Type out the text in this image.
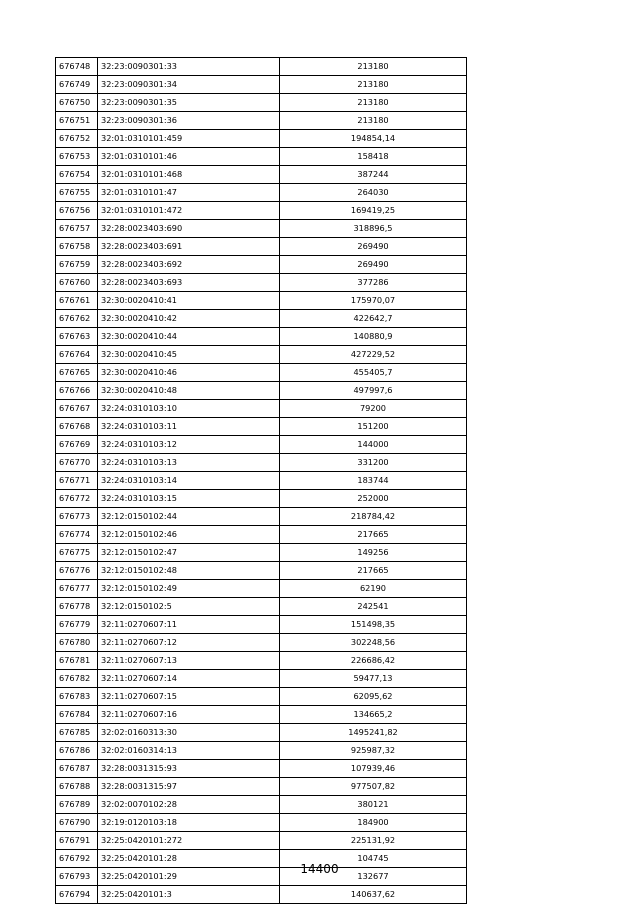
676748	32:23:0090301:33	213180
676749	32:23:0090301:34	213180
676750	32:23:0090301:35	213180
676751	32:23:0090301:36	213180
676752	32:01:0310101:459	194854,14
676753	32:01:0310101:46	158418
676754	32:01:0310101:468	387244
676755	32:01:0310101:47	264030
676756	32:01:0310101:472	169419,25
676757	32:28:0023403:690	318896,5
676758	32:28:0023403:691	269490
676759	32:28:0023403:692	269490
676760	32:28:0023403:693	377286
676761	32:30:0020410:41	175970,07
676762	32:30:0020410:42	422642,7
676763	32:30:0020410:44	140880,9
676764	32:30:0020410:45	427229,52
676765	32:30:0020410:46	455405,7
676766	32:30:0020410:48	497997,6
676767	32:24:0310103:10	79200
676768	32:24:0310103:11	151200
676769	32:24:0310103:12	144000
676770	32:24:0310103:13	331200
676771	32:24:0310103:14	183744
676772	32:24:0310103:15	252000
676773	32:12:0150102:44	218784,42
676774	32:12:0150102:46	217665
676775	32:12:0150102:47	149256
676776	32:12:0150102:48	217665
676777	32:12:0150102:49	62190
676778	32:12:0150102:5	242541
676779	32:11:0270607:11	151498,35
676780	32:11:0270607:12	302248,56
676781	32:11:0270607:13	226686,42
676782	32:11:0270607:14	59477,13
676783	32:11:0270607:15	62095,62
676784	32:11:0270607:16	134665,2
676785	32:02:0160313:30	1495241,82
676786	32:02:0160314:13	925987,32
676787	32:28:0031315:93	107939,46
676788	32:28:0031315:97	977507,82
676789	32:02:0070102:28	380121
676790	32:19:0120103:18	184900
676791	32:25:0420101:272	225131,92
676792	32:25:0420101:28	104745
676793	32:25:0420101:29	132677
676794	32:25:0420101:3	140637,62
14400
